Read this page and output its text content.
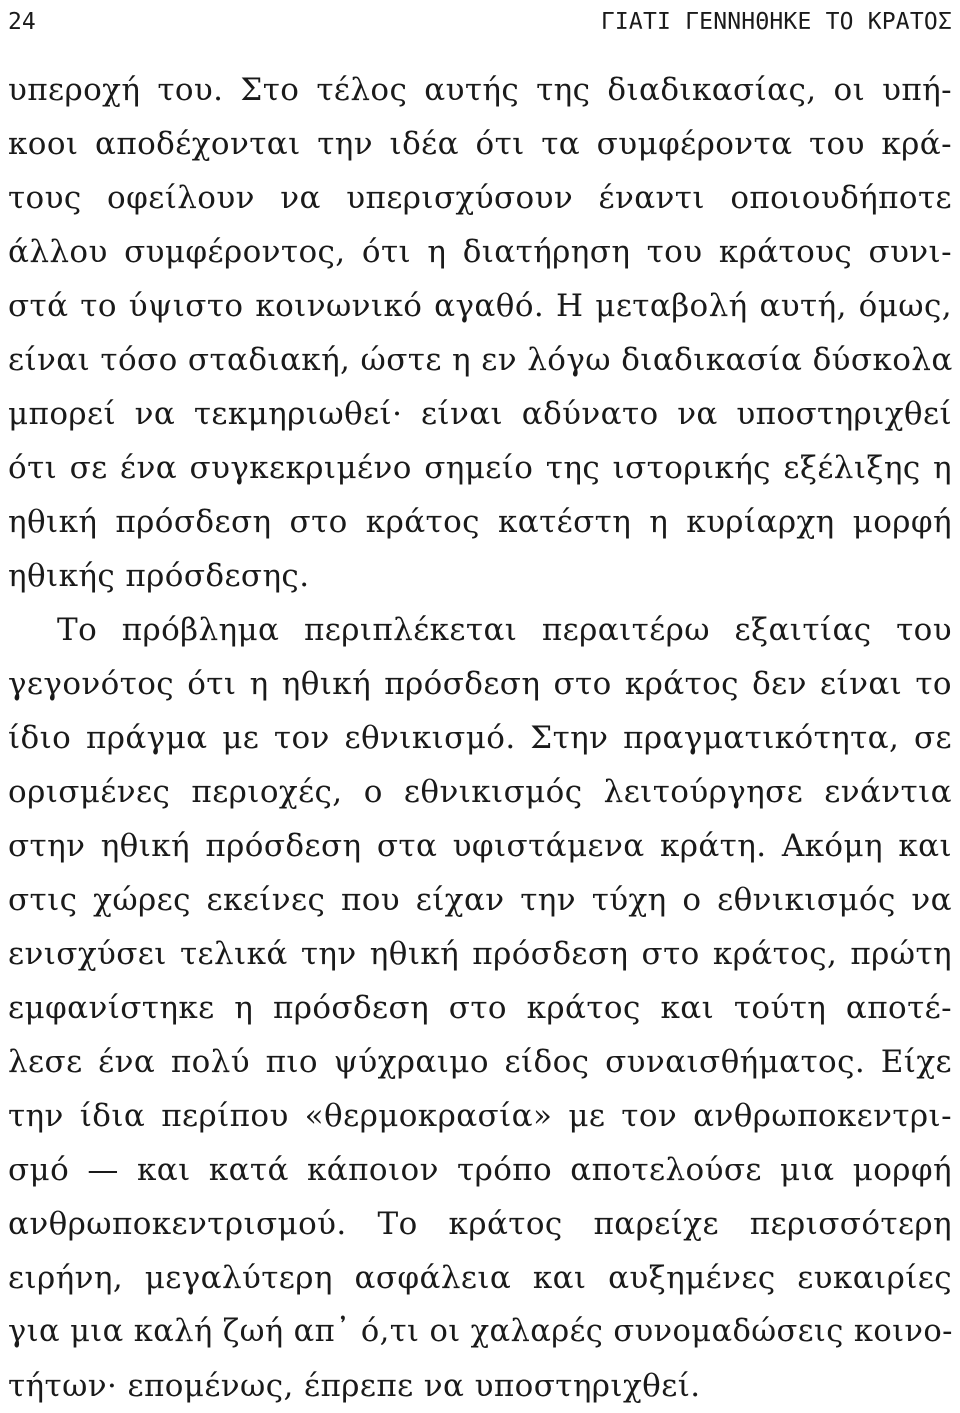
24	ΓΙΑΤΙ ΓΕΝΝΗΘΗΚΕ ΤΟ ΚΡΑΤΟΣ
υπεροχή του. Στο τέλος αυτής της διαδικασίας, οι υπή-
κοοι αποδέχονται την ιδέα ότι τα συμφέροντα του κρά-
τους οφείλουν να υπερισχύσουν έναντι οποιουδήποτε
άλλου συμφέροντος, ότι η διατήρηση του κράτους συνι-
στά το ύψιστο κοινωνικό αγαθό. Η μεταβολή αυτή, όμως,
είναι τόσο σταδιακή, ώστε η εν λόγω διαδικασία δύσκολα
μπορεί να τεκμηριωθεί· είναι αδύνατο να υποστηριχθεί
ότι σε ένα συγκεκριμένο σημείο της ιστορικής εξέλιξης η
ηθική πρόσδεση στο κράτος κατέστη η κυρίαρχη μορφή
ηθικής πρόσδεσης.
Το πρόβλημα περιπλέκεται περαιτέρω εξαιτίας του
γεγονότος ότι η ηθική πρόσδεση στο κράτος δεν είναι το
ίδιο πράγμα με τον εθνικισμό. Στην πραγματικότητα, σε
ορισμένες περιοχές, ο εθνικισμός λειτούργησε ενάντια
στην ηθική πρόσδεση στα υφιστάμενα κράτη. Ακόμη και
στις χώρες εκείνες που είχαν την τύχη ο εθνικισμός να
ενισχύσει τελικά την ηθική πρόσδεση στο κράτος, πρώτη
εμφανίστηκε η πρόσδεση στο κράτος και τούτη αποτέ-
λεσε ένα πολύ πιο ψύχραιμο είδος συναισθήματος. Είχε
την ίδια περίπου «θερμοκρασία» με τον ανθρωποκεντρι-
σμό — και κατά κάποιον τρόπο αποτελούσε μια μορφή
ανθρωποκεντρισμού. Το κράτος παρείχε περισσότερη
ειρήνη, μεγαλύτερη ασφάλεια και αυξημένες ευκαιρίες
για μια καλή ζωή απ᾽ ό,τι οι χαλαρές συνομαδώσεις κοινο-
τήτων· επομένως, έπρεπε να υποστηριχθεί.
